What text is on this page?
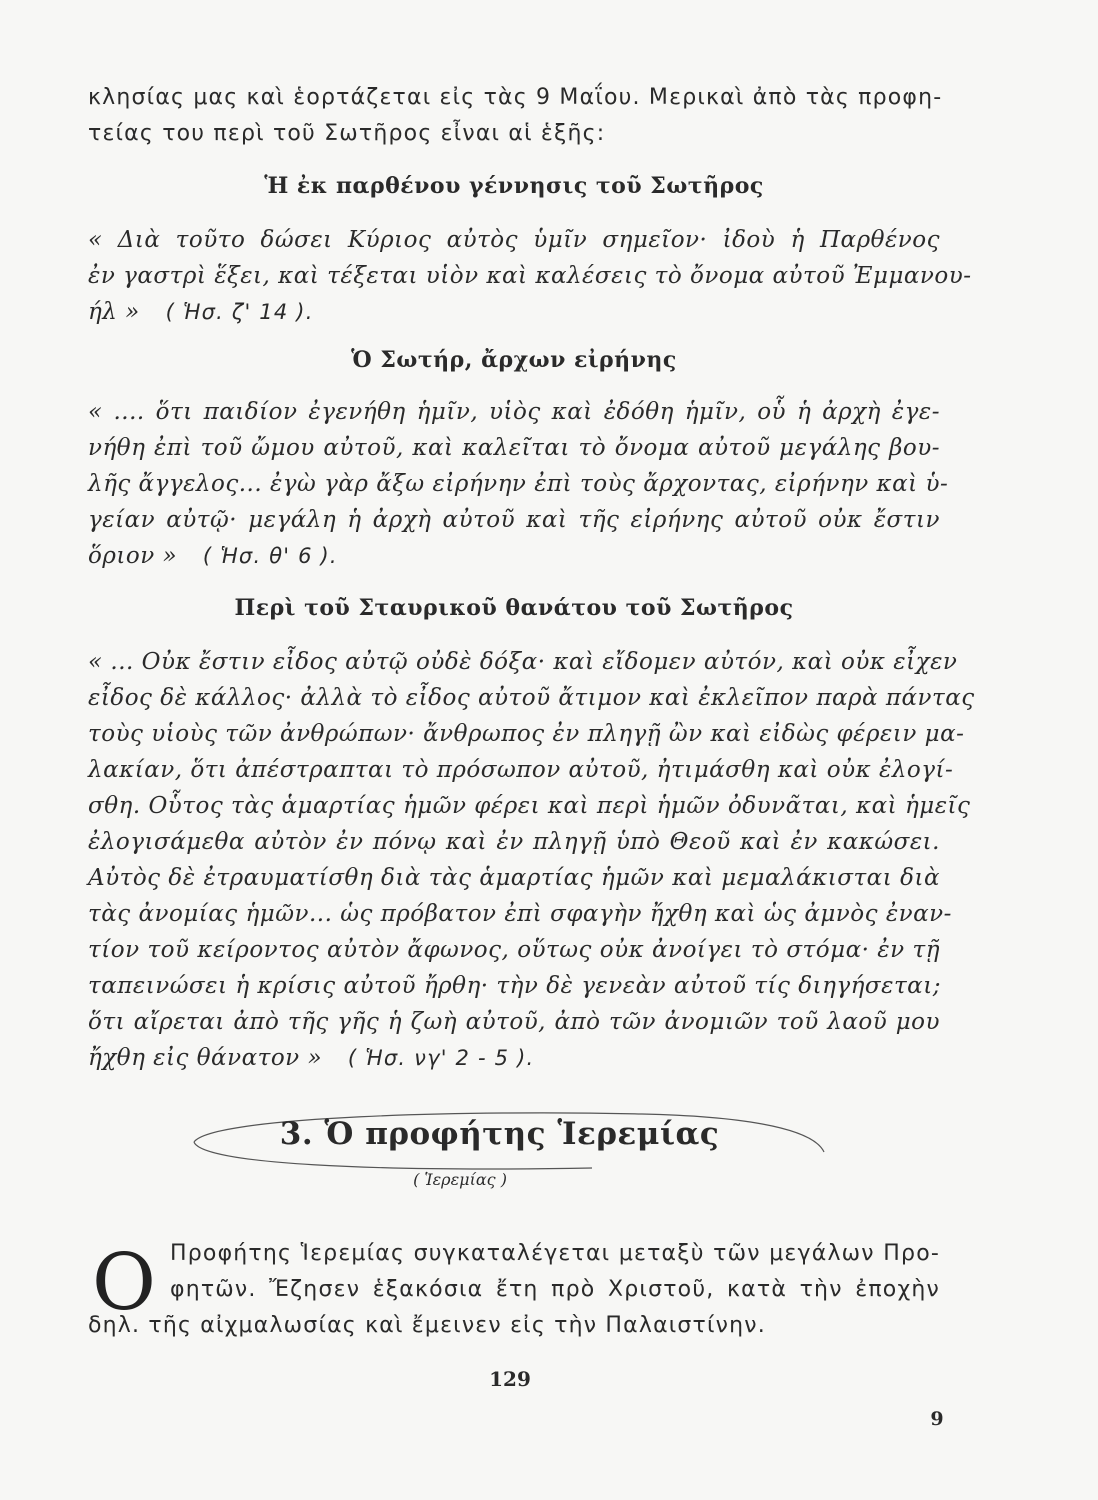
κλησίας μας καὶ ἑορτάζεται εἰς τὰς 9 Μαΐου. Μερικαὶ ἀπὸ τὰς προφη-
τείας του περὶ τοῦ Σωτῆρος εἶναι αἱ ἑξῆς:
Ἡ ἐκ παρθένου γέννησις τοῦ Σωτῆρος
« Διὰ τοῦτο δώσει Κύριος αὐτὸς ὑμῖν σημεῖον· ἰδοὺ ἡ Παρθένος
ἐν γαστρὶ ἕξει, καὶ τέξεται υἱὸν καὶ καλέσεις τὸ ὄνομα αὐτοῦ Ἐμμανου-
ήλ » ( Ἡσ. ζ' 14 ).
Ὁ Σωτήρ, ἄρχων εἰρήνης
« .... ὅτι παιδίον ἐγενήθη ἡμῖν, υἱὸς καὶ ἐδόθη ἡμῖν, οὗ ἡ ἀρχὴ ἐγε-
νήθη ἐπὶ τοῦ ὤμου αὐτοῦ, καὶ καλεῖται τὸ ὄνομα αὐτοῦ μεγάλης βου-
λῆς ἄγγελος... ἐγὼ γὰρ ἄξω εἰρήνην ἐπὶ τοὺς ἄρχοντας, εἰρήνην καὶ ὑ-
γείαν αὐτῷ· μεγάλη ἡ ἀρχὴ αὐτοῦ καὶ τῆς εἰρήνης αὐτοῦ οὐκ ἔστιν
ὅριον » ( Ἡσ. θ' 6 ).
Περὶ τοῦ Σταυρικοῦ θανάτου τοῦ Σωτῆρος
« ... Οὐκ ἔστιν εἶδος αὐτῷ οὐδὲ δόξα· καὶ εἴδομεν αὐτόν, καὶ οὐκ εἶχεν
εἶδος δὲ κάλλος· ἀλλὰ τὸ εἶδος αὐτοῦ ἄτιμον καὶ ἐκλεῖπον παρὰ πάντας
τοὺς υἱοὺς τῶν ἀνθρώπων· ἄνθρωπος ἐν πληγῇ ὢν καὶ εἰδὼς φέρειν μα-
λακίαν, ὅτι ἀπέστραπται τὸ πρόσωπον αὐτοῦ, ἠτιμάσθη καὶ οὐκ ἐλογί-
σθη. Οὗτος τὰς ἁμαρτίας ἡμῶν φέρει καὶ περὶ ἡμῶν ὀδυνᾶται, καὶ ἡμεῖς
ἐλογισάμεθα αὐτὸν ἐν πόνῳ καὶ ἐν πληγῇ ὑπὸ Θεοῦ καὶ ἐν κακώσει.
Αὐτὸς δὲ ἐτραυματίσθη διὰ τὰς ἁμαρτίας ἡμῶν καὶ μεμαλάκισται διὰ
τὰς ἀνομίας ἡμῶν... ὡς πρόβατον ἐπὶ σφαγὴν ἤχθη καὶ ὡς ἀμνὸς ἐναν-
τίον τοῦ κείροντος αὐτὸν ἄφωνος, οὕτως οὐκ ἀνοίγει τὸ στόμα· ἐν τῇ
ταπεινώσει ἡ κρίσις αὐτοῦ ἤρθη· τὴν δὲ γενεὰν αὐτοῦ τίς διηγήσεται;
ὅτι αἴρεται ἀπὸ τῆς γῆς ἡ ζωὴ αὐτοῦ, ἀπὸ τῶν ἀνομιῶν τοῦ λαοῦ μου
ἤχθη εἰς θάνατον » ( Ἡσ. νγ' 2 - 5 ).
3. Ὁ προφήτης Ἱερεμίας
( Ἱερεμίας )
Ο Προφήτης Ἱερεμίας συγκαταλέγεται μεταξὺ τῶν μεγάλων Προ-
φητῶν. Ἔζησεν ἑξακόσια ἔτη πρὸ Χριστοῦ, κατὰ τὴν ἐποχὴν
δηλ. τῆς αἰχμαλωσίας καὶ ἔμεινεν εἰς τὴν Παλαιστίνην.
129
9
